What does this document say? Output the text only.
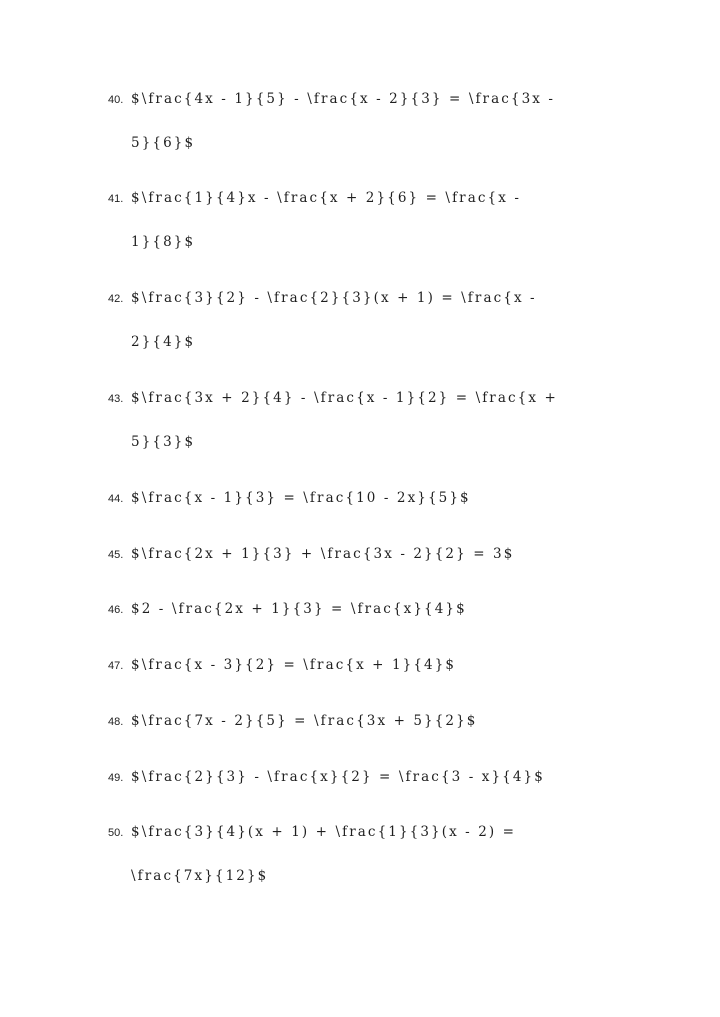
40. $\frac{4x - 1}{5} - \frac{x - 2}{3} = \frac{3x -
5}{6}$
41. $\frac{1}{4}x - \frac{x + 2}{6} = \frac{x -
1}{8}$
42. $\frac{3}{2} - \frac{2}{3}(x + 1) = \frac{x -
2}{4}$
43. $\frac{3x + 2}{4} - \frac{x - 1}{2} = \frac{x +
5}{3}$
44. $\frac{x - 1}{3} = \frac{10 - 2x}{5}$
45. $\frac{2x + 1}{3} + \frac{3x - 2}{2} = 3$
46. $2 - \frac{2x + 1}{3} = \frac{x}{4}$
47. $\frac{x - 3}{2} = \frac{x + 1}{4}$
48. $\frac{7x - 2}{5} = \frac{3x + 5}{2}$
49. $\frac{2}{3} - \frac{x}{2} = \frac{3 - x}{4}$
50. $\frac{3}{4}(x + 1) + \frac{1}{3}(x - 2) =
\frac{7x}{12}$
